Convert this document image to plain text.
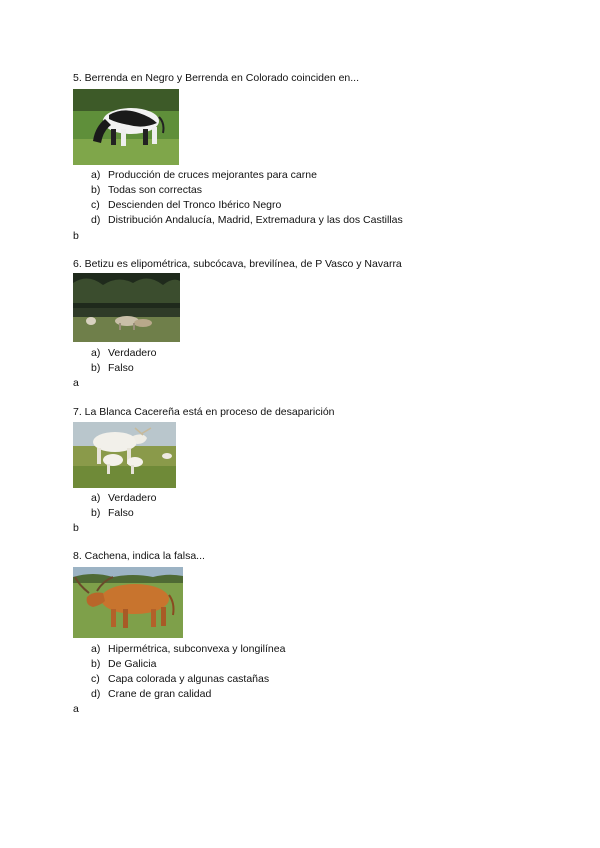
5. Berrenda en Negro y Berrenda en Colorado coinciden en...
a) Producción de cruces mejorantes para carne
b) Todas son correctas
c) Descienden del Tronco Ibérico Negro
d) Distribución Andalucía, Madrid, Extremadura y las dos Castillas
b
6. Betizu es elipométrica, subcócava, brevilínea, de P Vasco y Navarra
a) Verdadero
b) Falso
a
7. La Blanca Cacereña está en proceso de desaparición
a) Verdadero
b) Falso
b
8. Cachena, indica la falsa...
a) Hipermétrica, subconvexa y longilínea
b) De Galicia
c) Capa colorada y algunas castañas
d) Crane de gran calidad
a
